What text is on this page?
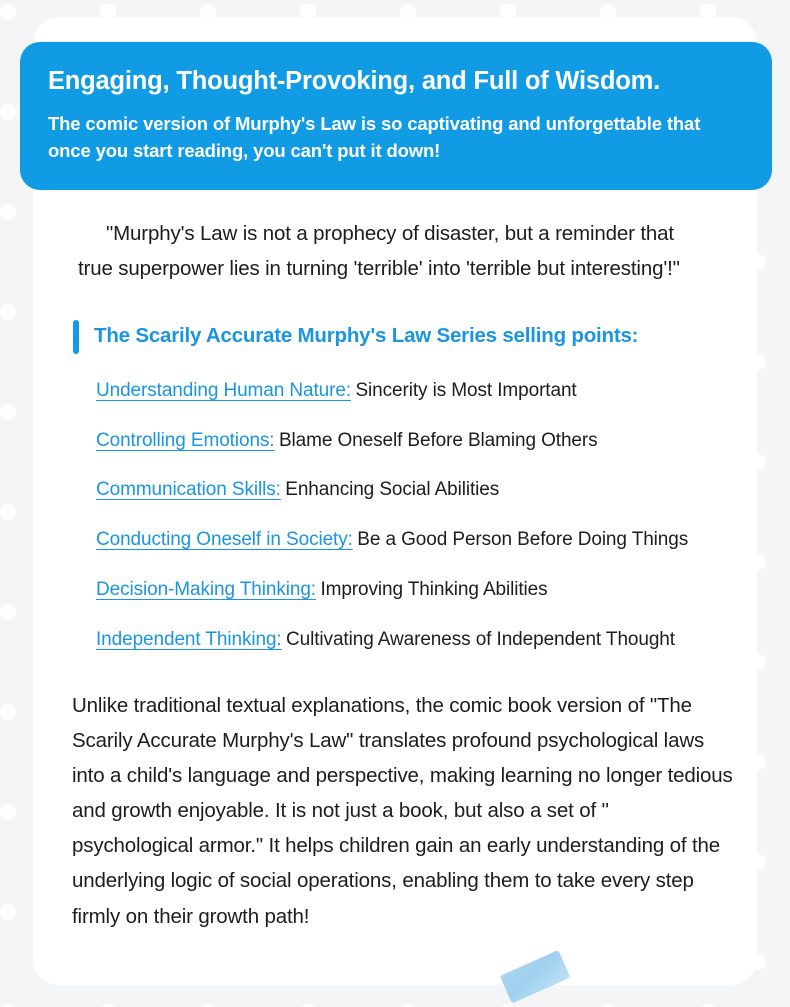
Engaging, Thought-Provoking, and Full of Wisdom.

The comic version of Murphy's Law is so captivating and unforgettable that once you start reading, you can't put it down!

"Murphy's Law is not a prophecy of disaster, but a reminder that true superpower lies in turning 'terrible' into 'terrible but interesting'!"

The Scarily Accurate Murphy's Law Series selling points:
Understanding Human Nature: Sincerity is Most Important
Controlling Emotions: Blame Oneself Before Blaming Others
Communication Skills: Enhancing Social Abilities
Conducting Oneself in Society: Be a Good Person Before Doing Things
Decision-Making Thinking: Improving Thinking Abilities
Independent Thinking: Cultivating Awareness of Independent Thought

Unlike traditional textual explanations, the comic book version of "The Scarily Accurate Murphy's Law" translates profound psychological laws into a child's language and perspective, making learning no longer tedious and growth enjoyable. It is not just a book, but also a set of " psychological armor." It helps children gain an early understanding of the underlying logic of social operations, enabling them to take every step firmly on their growth path!
